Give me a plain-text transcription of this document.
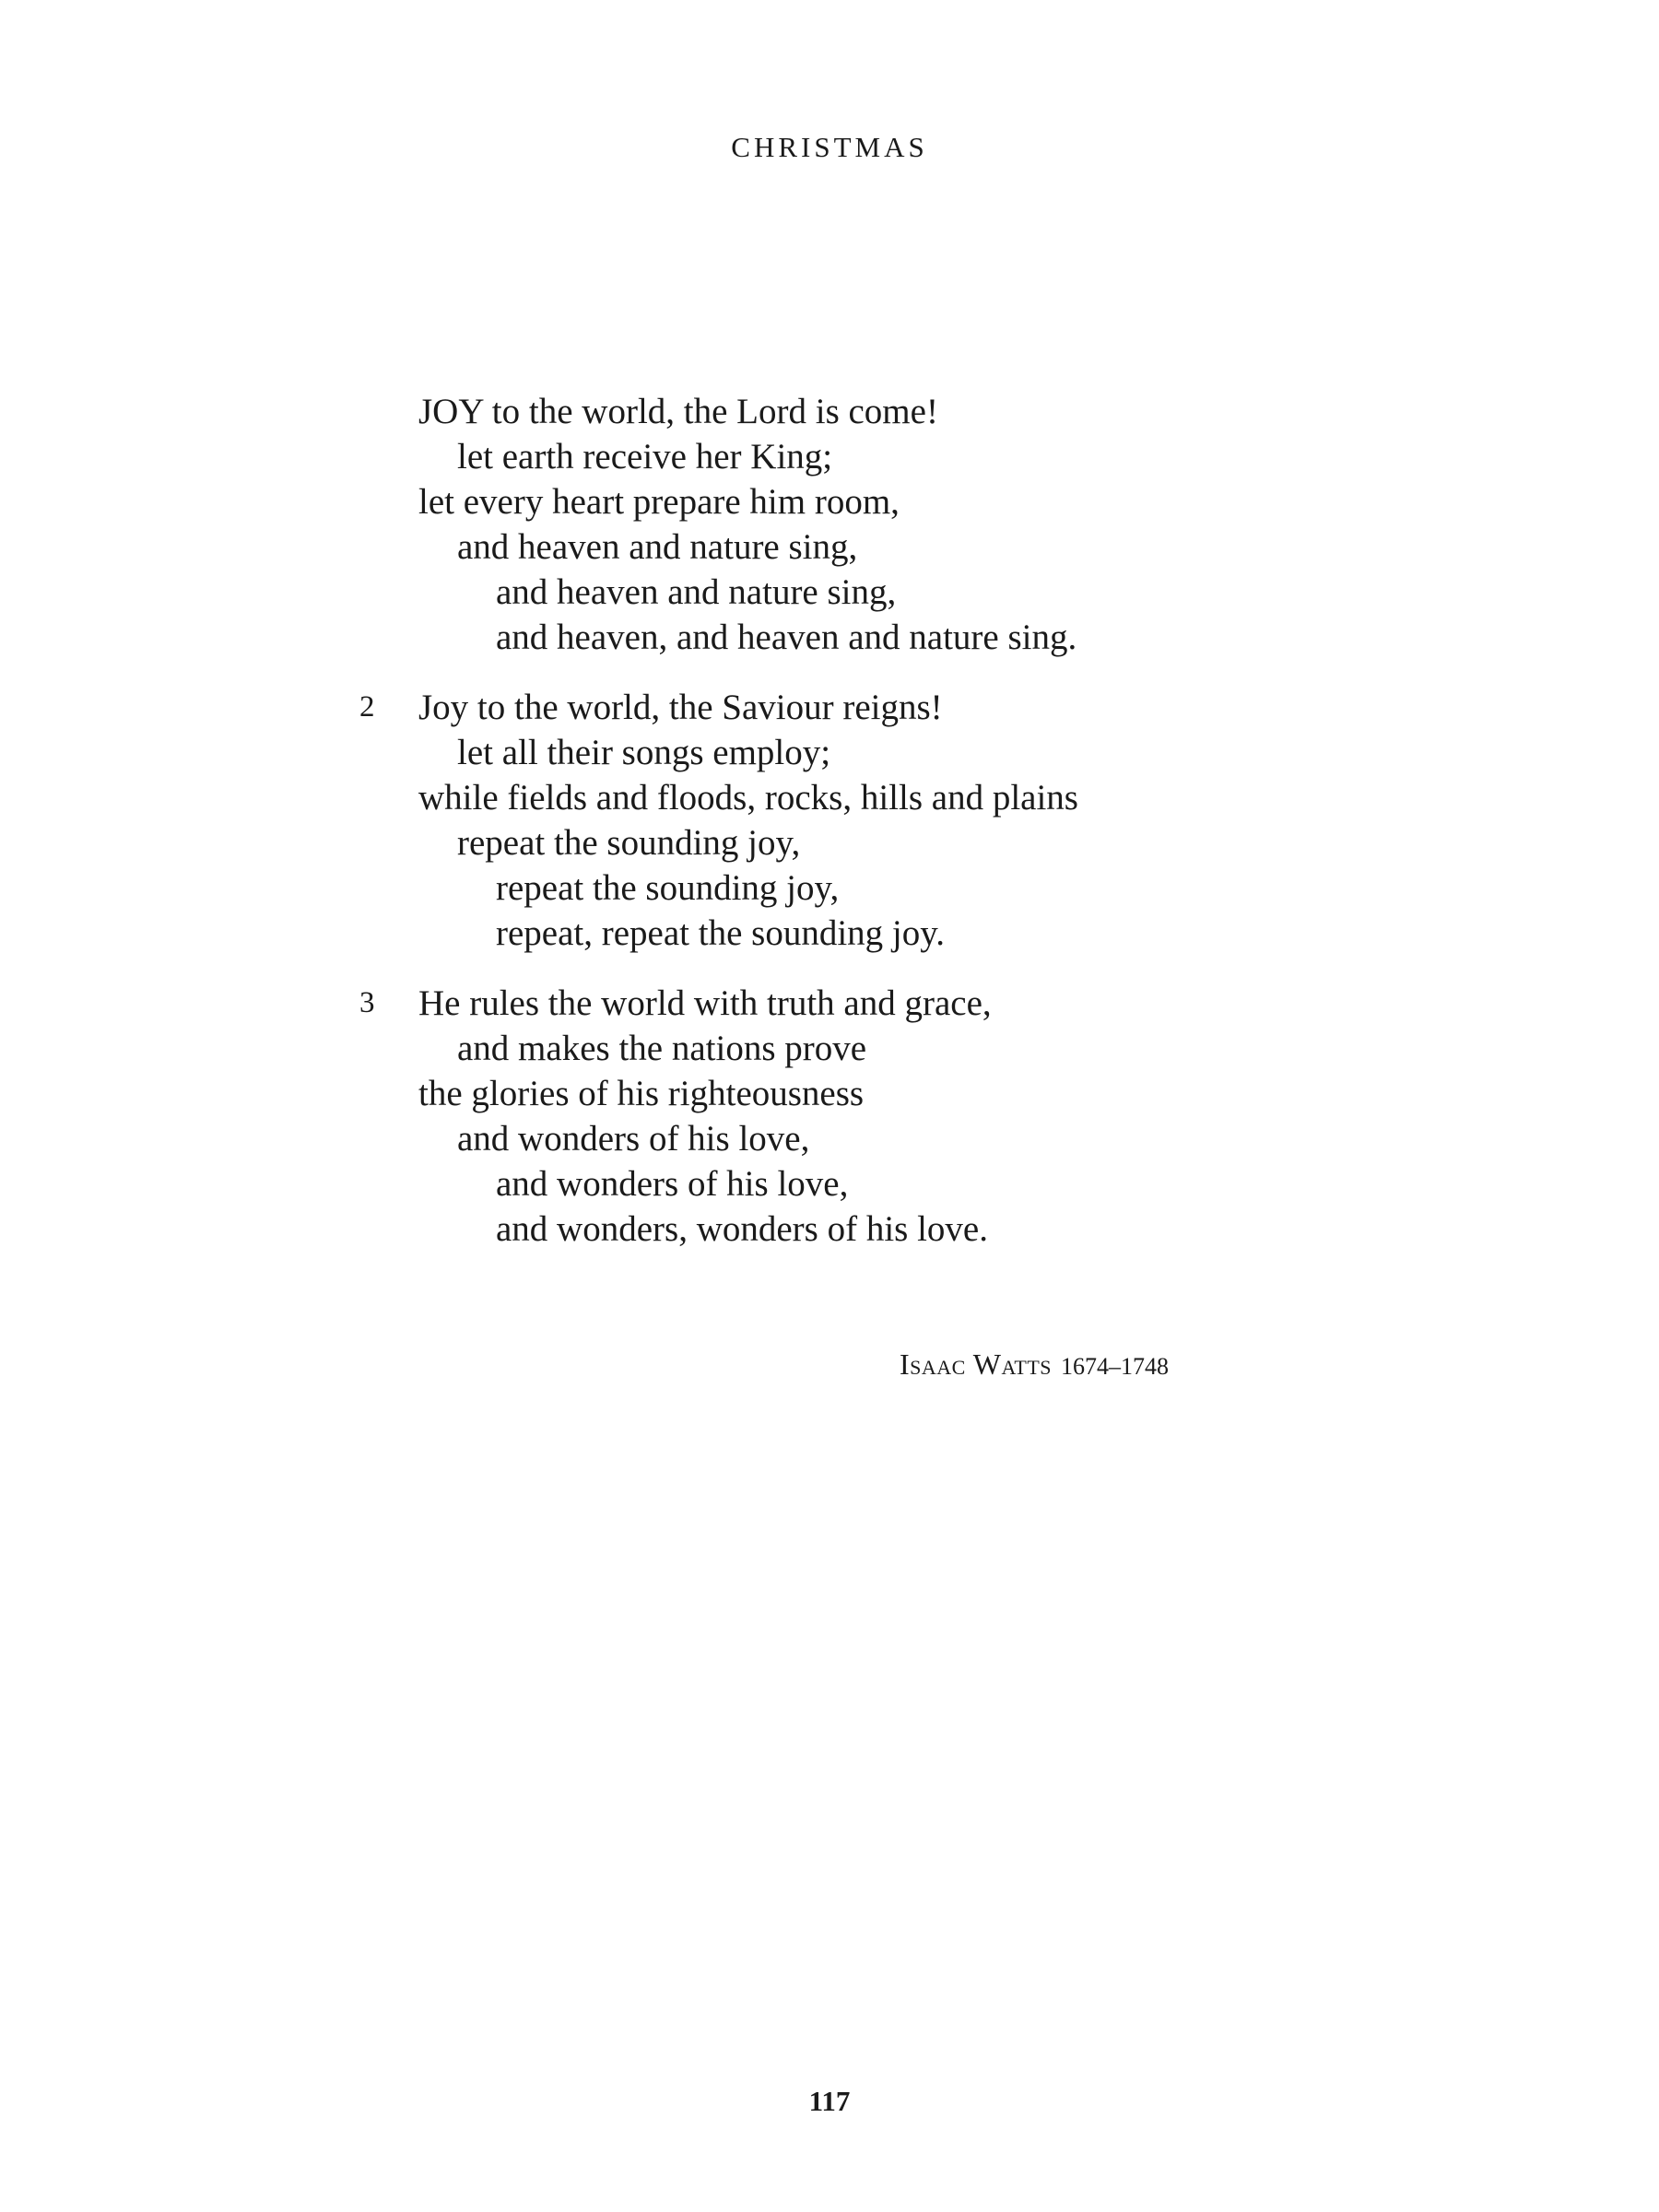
CHRISTMAS
JOY to the world, the Lord is come!
let earth receive her King;
let every heart prepare him room,
and heaven and nature sing,
and heaven and nature sing,
and heaven, and heaven and nature sing.
2	Joy to the world, the Saviour reigns!
let all their songs employ;
while fields and floods, rocks, hills and plains
repeat the sounding joy,
repeat the sounding joy,
repeat, repeat the sounding joy.
3	He rules the world with truth and grace,
and makes the nations prove
the glories of his righteousness
and wonders of his love,
and wonders of his love,
and wonders, wonders of his love.
Isaac Watts 1674–1748
117
